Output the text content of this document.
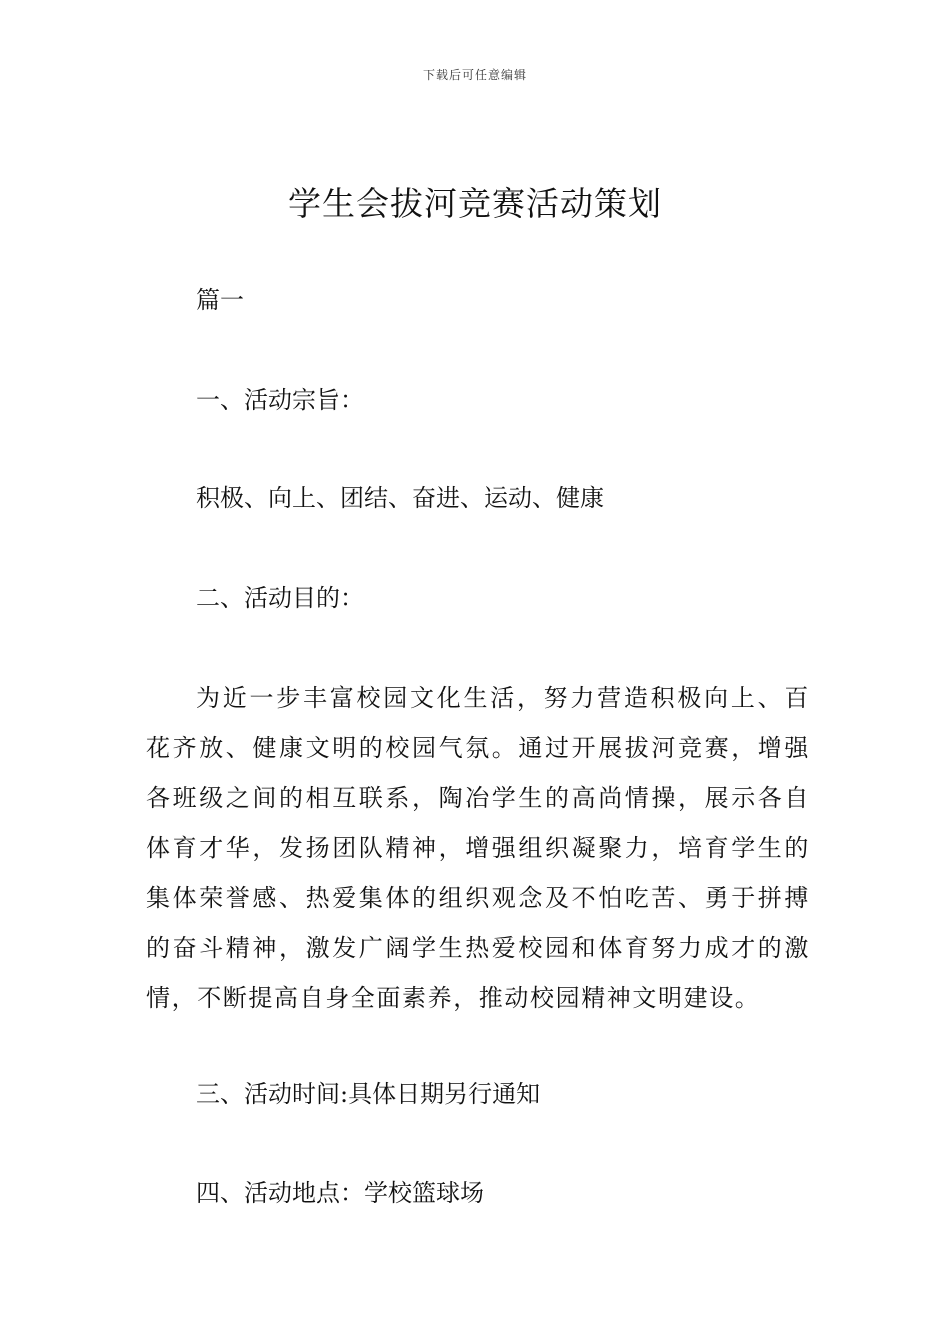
下载后可任意编辑
学生会拔河竞赛活动策划
篇一
一、活动宗旨：
积极、向上、团结、奋进、运动、健康
二、活动目的：
为近一步丰富校园文化生活，努力营造积极向上、百花齐放、健康文明的校园气氛。通过开展拔河竞赛，增强各班级之间的相互联系，陶冶学生的高尚情操，展示各自体育才华，发扬团队精神，增强组织凝聚力，培育学生的集体荣誉感、热爱集体的组织观念及不怕吃苦、勇于拼搏的奋斗精神，激发广阔学生热爱校园和体育努力成才的激情，不断提高自身全面素养，推动校园精神文明建设。
三、活动时间:具体日期另行通知
四、活动地点：学校篮球场
